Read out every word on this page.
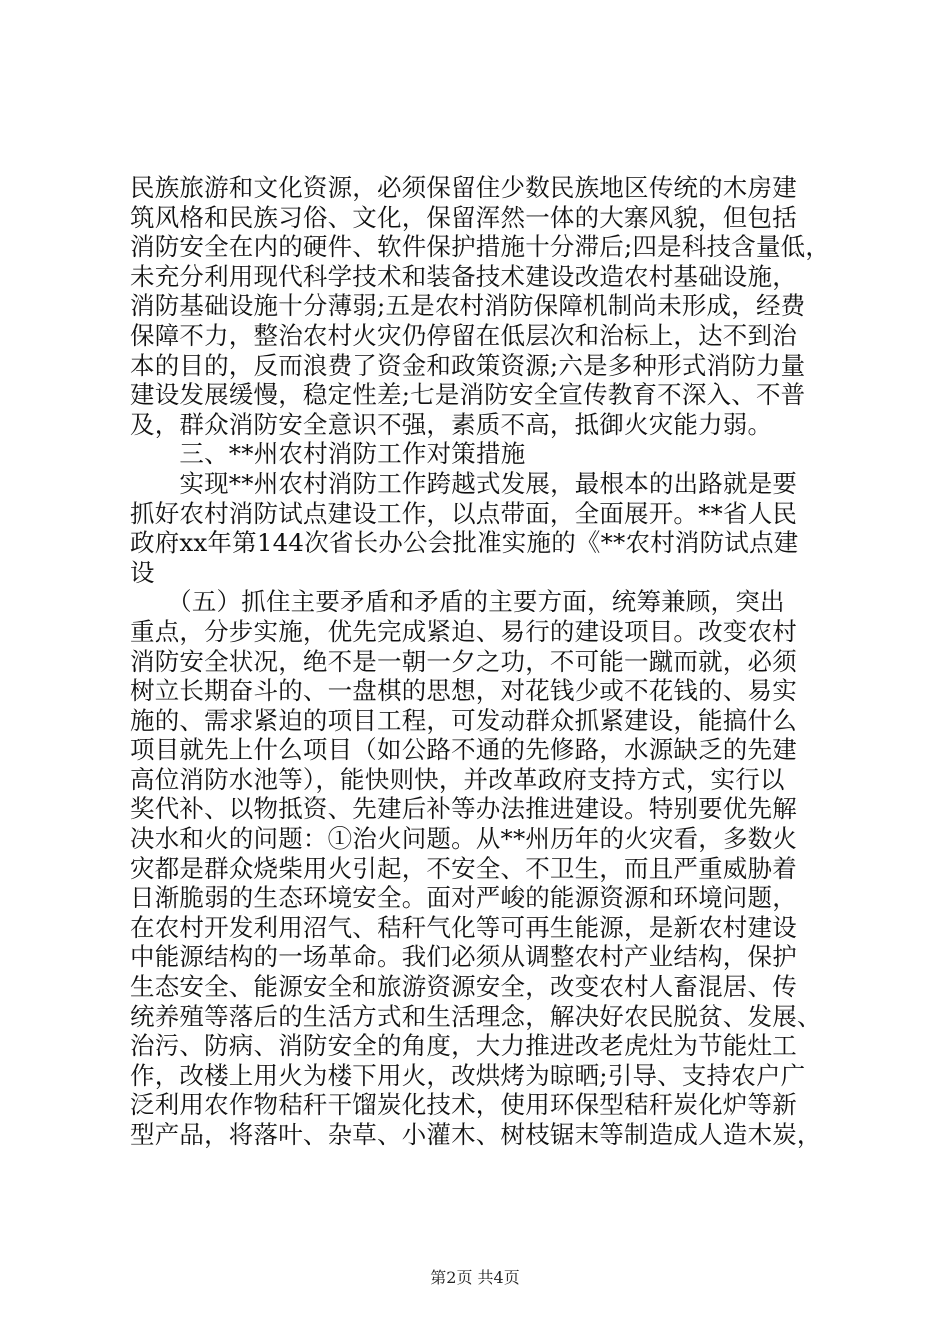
民族旅游和文化资源，必须保留住少数民族地区传统的木房建
筑风格和民族习俗、文化，保留浑然一体的大寨风貌，但包括
消防安全在内的硬件、软件保护措施十分滞后;四是科技含量低，
未充分利用现代科学技术和装备技术建设改造农村基础设施，
消防基础设施十分薄弱;五是农村消防保障机制尚未形成，经费
保障不力，整治农村火灾仍停留在低层次和治标上，达不到治
本的目的，反而浪费了资金和政策资源;六是多种形式消防力量
建设发展缓慢，稳定性差;七是消防安全宣传教育不深入、不普
及，群众消防安全意识不强，素质不高，抵御火灾能力弱。
　　三、**州农村消防工作对策措施
　　实现**州农村消防工作跨越式发展，最根本的出路就是要
抓好农村消防试点建设工作，以点带面，全面展开。**省人民
政府xx年第144次省长办公会批准实施的《**农村消防试点建
设
　　（五）抓住主要矛盾和矛盾的主要方面，统筹兼顾，突出
重点，分步实施，优先完成紧迫、易行的建设项目。改变农村
消防安全状况，绝不是一朝一夕之功，不可能一蹴而就，必须
树立长期奋斗的、一盘棋的思想，对花钱少或不花钱的、易实
施的、需求紧迫的项目工程，可发动群众抓紧建设，能搞什么
项目就先上什么项目（如公路不通的先修路，水源缺乏的先建
高位消防水池等），能快则快，并改革政府支持方式，实行以
奖代补、以物抵资、先建后补等办法推进建设。特别要优先解
决水和火的问题：①治火问题。从**州历年的火灾看，多数火
灾都是群众烧柴用火引起，不安全、不卫生，而且严重威胁着
日渐脆弱的生态环境安全。面对严峻的能源资源和环境问题，
在农村开发利用沼气、秸秆气化等可再生能源，是新农村建设
中能源结构的一场革命。我们必须从调整农村产业结构，保护
生态安全、能源安全和旅游资源安全，改变农村人畜混居、传
统养殖等落后的生活方式和生活理念，解决好农民脱贫、发展、
治污、防病、消防安全的角度，大力推进改老虎灶为节能灶工
作，改楼上用火为楼下用火，改烘烤为晾晒;引导、支持农户广
泛利用农作物秸秆干馏炭化技术，使用环保型秸秆炭化炉等新
型产品，将落叶、杂草、小灌木、树枝锯末等制造成人造木炭，
第2页 共4页
